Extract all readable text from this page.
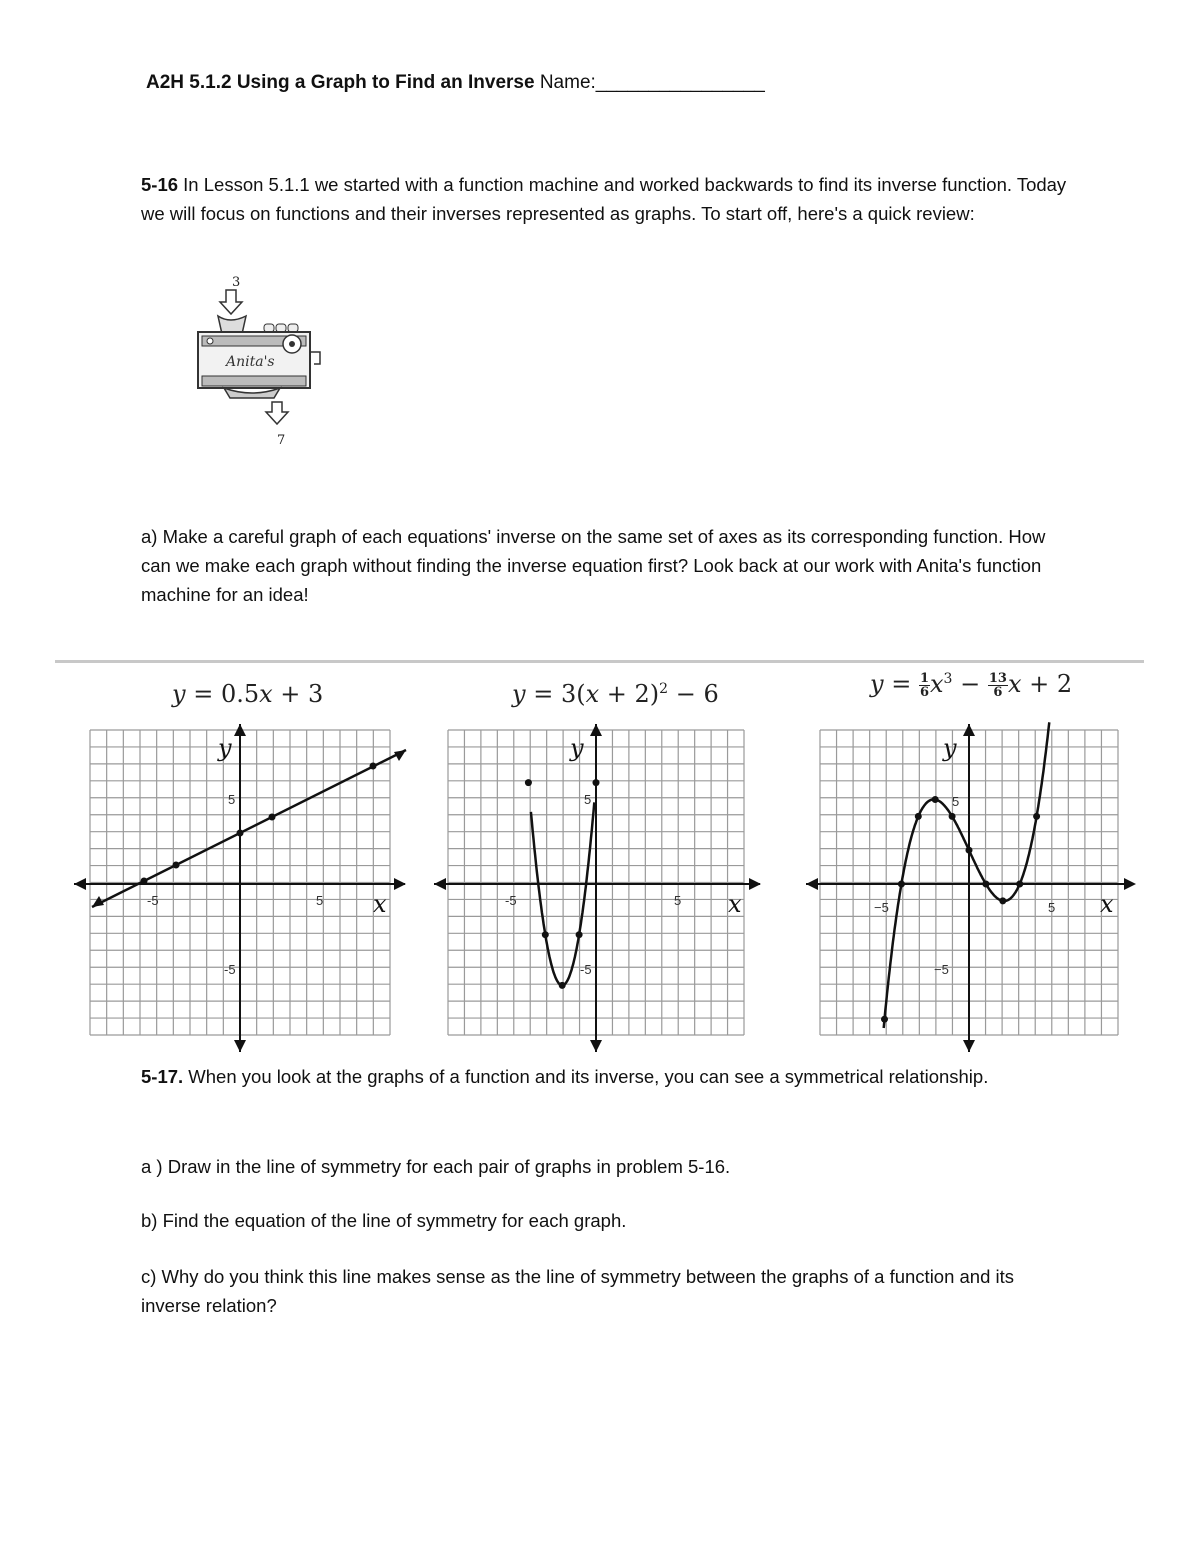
A2H 5.1.2 Using a Graph to Find an Inverse Name:________________
5-16 In Lesson 5.1.1 we started with a function machine and worked backwards to find its inverse function. Today we will focus on functions and their inverses represented as graphs. To start off, here's a quick review:
3
Anita's
7
a) Make a careful graph of each equations' inverse on the same set of axes as its corresponding function. How can we make each graph without finding the inverse equation first? Look back at our work with Anita's function machine for an idea!
y = 0.5x + 3
y
x
-5	5
5
-5
$y = 3(x + 2)^2 - 6$
y
x
-5	5
5
-5
$y = \frac{1}{6} x^3 - \frac{13}{6}$ x + 2
y
x
−5	5
5
−5
5-17. When you look at the graphs of a function and its inverse, you can see a symmetrical relationship.
a ) Draw in the line of symmetry for each pair of graphs in problem 5-16.
b) Find the equation of the line of symmetry for each graph.
c) Why do you think this line makes sense as the line of symmetry between the graphs of a function and its inverse relation?
